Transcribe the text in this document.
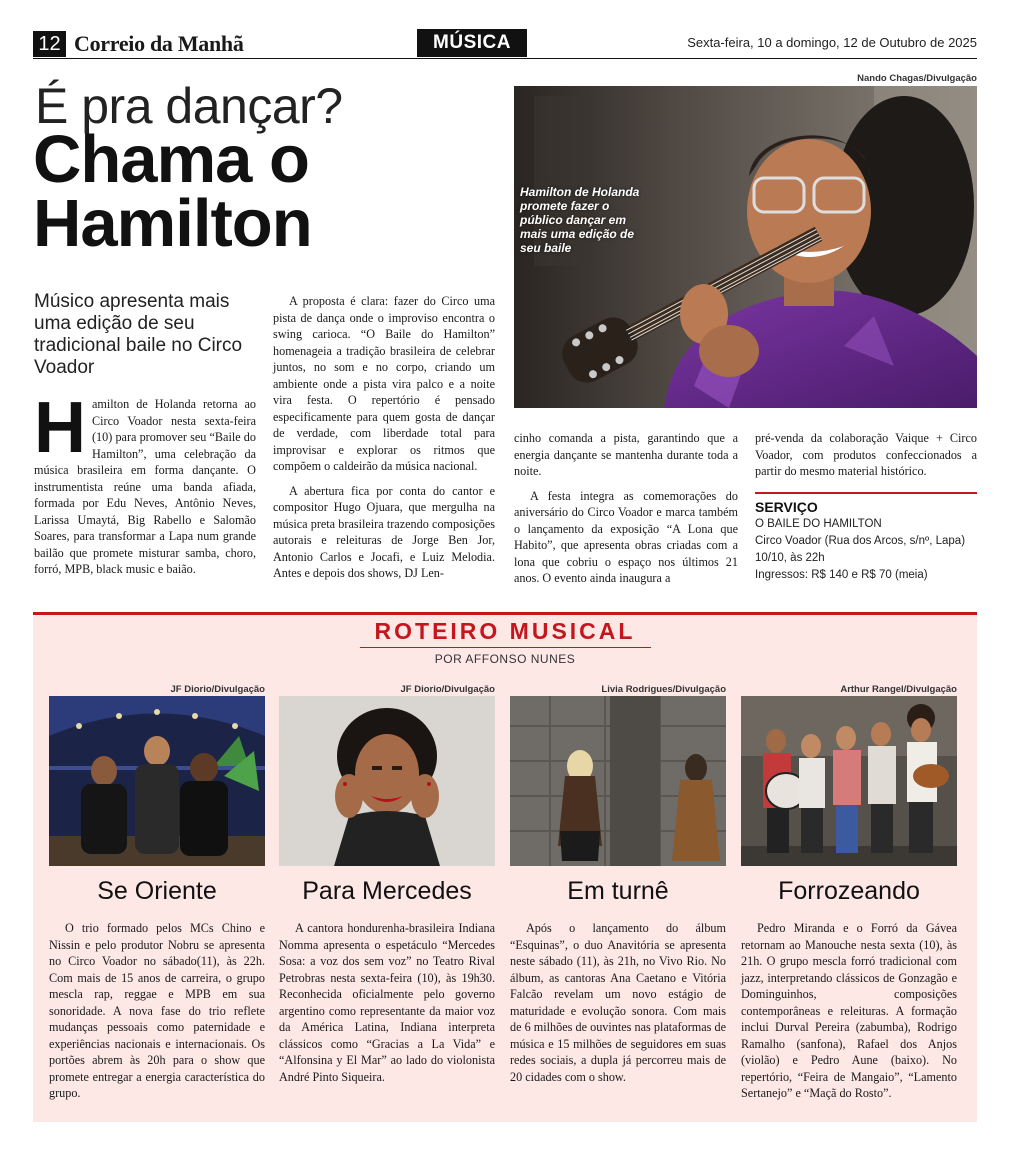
12 Correio da Manhã	MÚSICA	Sexta-feira, 10 a domingo, 12 de Outubro de 2025
É pra dançar?
Chama o Hamilton
Músico apresenta mais uma edição de seu tradicional baile no Circo Voador
Nando Chagas/Divulgação
Hamilton de Holanda promete fazer o público dançar em mais uma edição de seu baile

Hamilton de Holanda retorna ao Circo Voador nesta sexta-feira (10) para promover seu “Baile do Hamilton”, uma celebração da música brasileira em forma dançante. O instrumentista reúne uma banda afiada, formada por Edu Neves, Antônio Neves, Larissa Umaytá, Big Rabello e Salomão Soares, para transformar a Lapa num grande bailão que promete misturar samba, choro, forró, MPB, black music e baião.

A proposta é clara: fazer do Circo uma pista de dança onde o improviso encontra o swing carioca. “O Baile do Hamilton” homenageia a tradição brasileira de celebrar juntos, no som e no corpo, criando um ambiente onde a pista vira palco e a noite vira festa. O repertório é pensado especificamente para quem gosta de dançar de verdade, com liberdade total para improvisar e explorar os ritmos que compõem o caldeirão da música nacional.

A abertura fica por conta do cantor e compositor Hugo Ojuara, que mergulha na música preta brasileira trazendo composições autorais e releituras de Jorge Ben Jor, Antonio Carlos e Jocafi, e Luiz Melodia. Antes e depois dos shows, DJ Len-

cinho comanda a pista, garantindo que a energia dançante se mantenha durante toda a noite.

A festa integra as comemorações do aniversário do Circo Voador e marca também o lançamento da exposição “A Lona que Habito”, que apresenta obras criadas com a lona que cobriu o espaço nos últimos 21 anos. O evento ainda inaugura a

pré-venda da colaboração Vaique + Circo Voador, com produtos confeccionados a partir do mesmo material histórico.

SERVIÇO
O BAILE DO HAMILTON
Circo Voador (Rua dos Arcos, s/nº, Lapa)
10/10, às 22h
Ingressos: R$ 140 e R$ 70 (meia)
ROTEIRO MUSICAL
POR AFFONSO NUNES
JF Diorio/Divulgação
Se Oriente
O trio formado pelos MCs Chino e Nissin e pelo produtor Nobru se apresenta no Circo Voador no sábado(11), às 22h. Com mais de 15 anos de carreira, o grupo mescla rap, reggae e MPB em sua sonoridade. A nova fase do trio reflete mudanças pessoais como paternidade e experiências nacionais e internacionais. Os portões abrem às 20h para o show que promete entregar a energia característica do grupo.
JF Diorio/Divulgação
Para Mercedes
A cantora hondurenha-brasileira Indiana Nomma apresenta o espetáculo “Mercedes Sosa: a voz dos sem voz” no Teatro Rival Petrobras nesta sexta-feira (10), às 19h30. Reconhecida oficialmente pelo governo argentino como representante da maior voz da América Latina, Indiana interpreta clássicos como “Gracias a La Vida” e “Alfonsina y El Mar” ao lado do violonista André Pinto Siqueira.
Livia Rodrigues/Divulgação
Em turnê
Após o lançamento do álbum “Esquinas”, o duo Anavitória se apresenta neste sábado (11), às 21h, no Vivo Rio. No álbum, as cantoras Ana Caetano e Vitória Falcão revelam um novo estágio de maturidade e evolução sonora. Com mais de 6 milhões de ouvintes nas plataformas de música e 15 milhões de seguidores em suas redes sociais, a dupla já percorreu mais de 20 cidades com o show.
Arthur Rangel/Divulgação
Forrozeando
Pedro Miranda e o Forró da Gávea retornam ao Manouche nesta sexta (10), às 21h. O grupo mescla forró tradicional com jazz, interpretando clássicos de Gonzagão e Dominguinhos, composições contemporâneas e releituras. A formação inclui Durval Pereira (zabumba), Rodrigo Ramalho (sanfona), Rafael dos Anjos (violão) e Pedro Aune (baixo). No repertório, “Feira de Mangaio”, “Lamento Sertanejo” e “Maçã do Rosto”.
